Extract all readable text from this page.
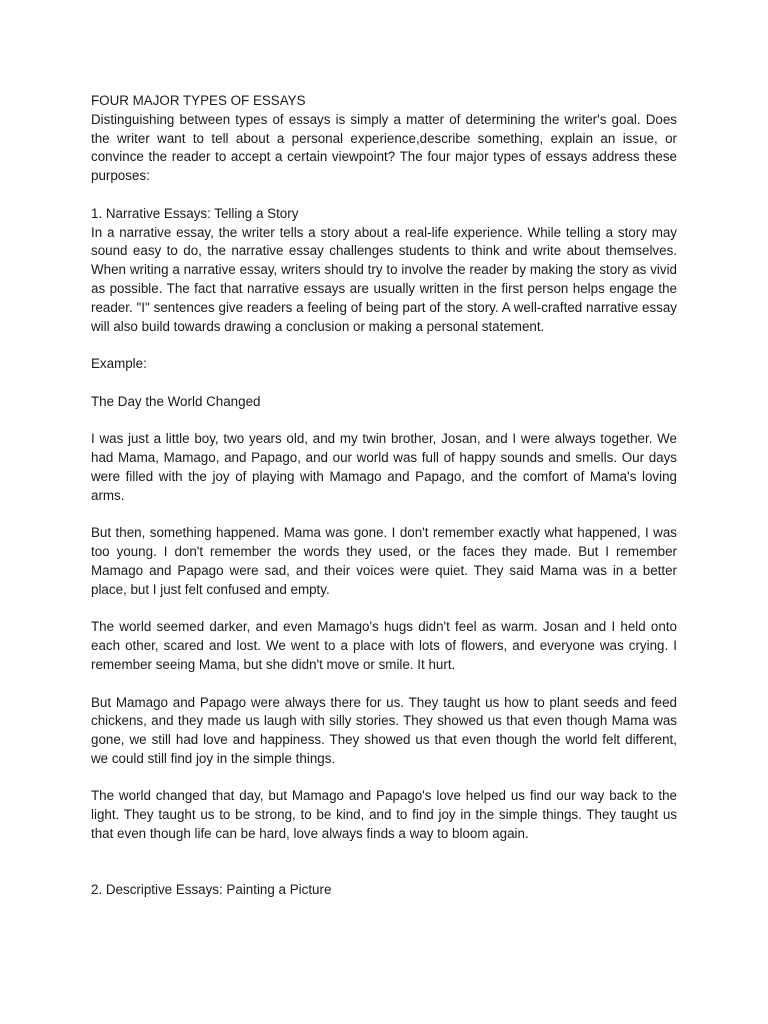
FOUR MAJOR TYPES OF ESSAYS

Distinguishing between types of essays is simply a matter of determining the writer's goal. Does the writer want to tell about a personal experience,describe something, explain an issue, or convince the reader to accept a certain viewpoint? The four major types of essays address these purposes:

1. Narrative Essays: Telling a Story

In a narrative essay, the writer tells a story about a real-life experience. While telling a story may sound easy to do, the narrative essay challenges students to think and write about themselves. When writing a narrative essay, writers should try to involve the reader by making the story as vivid as possible. The fact that narrative essays are usually written in the first person helps engage the reader. "I" sentences give readers a feeling of being part of the story. A well-crafted narrative essay will also build towards drawing a conclusion or making a personal statement.

Example:

The Day the World Changed

I was just a little boy, two years old, and my twin brother, Josan, and I were always together. We had Mama, Mamago, and Papago, and our world was full of happy sounds and smells. Our days were filled with the joy of playing with Mamago and Papago, and the comfort of Mama's loving arms.

But then, something happened. Mama was gone. I don't remember exactly what happened, I was too young. I don't remember the words they used, or the faces they made. But I remember Mamago and Papago were sad, and their voices were quiet. They said Mama was in a better place, but I just felt confused and empty.

The world seemed darker, and even Mamago's hugs didn't feel as warm. Josan and I held onto each other, scared and lost. We went to a place with lots of flowers, and everyone was crying. I remember seeing Mama, but she didn't move or smile. It hurt.

But Mamago and Papago were always there for us. They taught us how to plant seeds and feed chickens, and they made us laugh with silly stories. They showed us that even though Mama was gone, we still had love and happiness. They showed us that even though the world felt different, we could still find joy in the simple things.

The world changed that day, but Mamago and Papago's love helped us find our way back to the light. They taught us to be strong, to be kind, and to find joy in the simple things. They taught us that even though life can be hard, love always finds a way to bloom again.

2. Descriptive Essays: Painting a Picture
